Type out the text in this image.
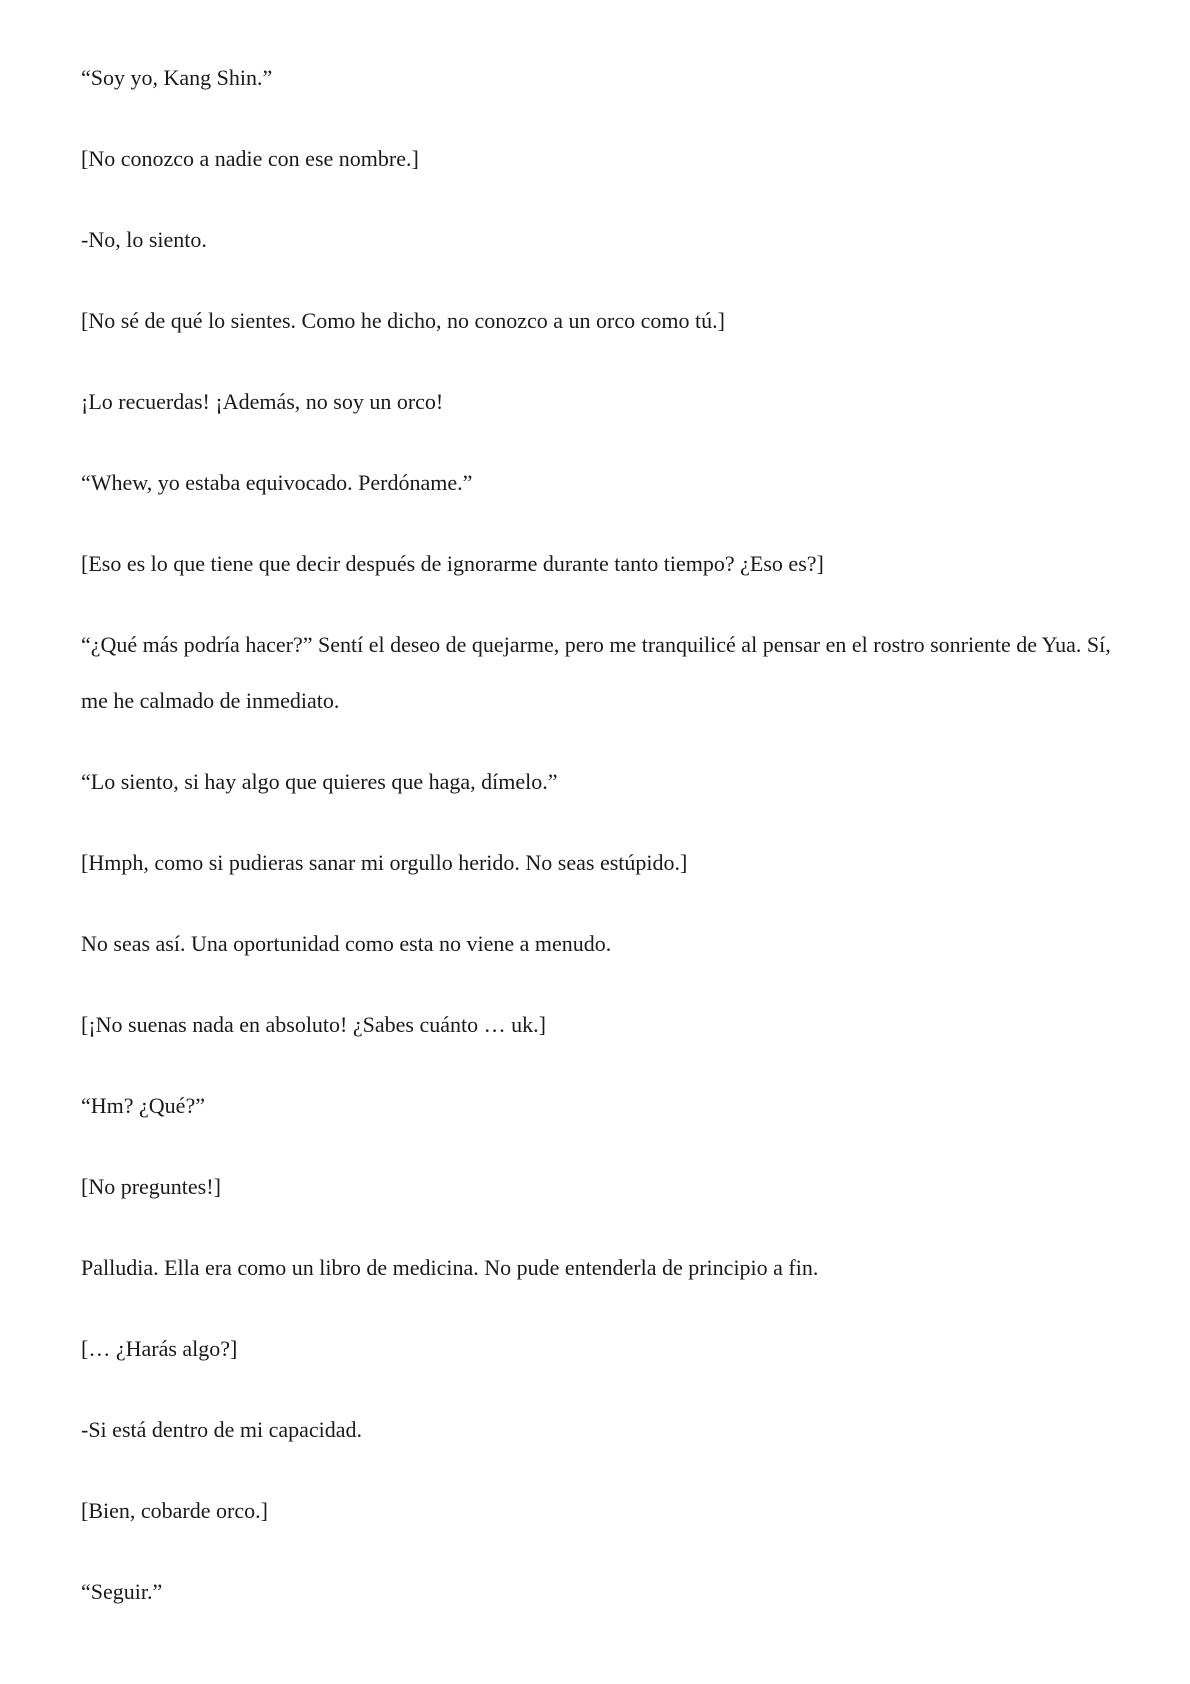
“Soy yo, Kang Shin.”

[No conozco a nadie con ese nombre.]

-No, lo siento.

[No sé de qué lo sientes. Como he dicho, no conozco a un orco como tú.]

¡Lo recuerdas! ¡Además, no soy un orco!

“Whew, yo estaba equivocado. Perdóname.”

[Eso es lo que tiene que decir después de ignorarme durante tanto tiempo? ¿Eso es?]

“¿Qué más podría hacer?” Sentí el deseo de quejarme, pero me tranquilicé al pensar en el rostro sonriente de Yua. Sí, me he calmado de inmediato.

“Lo siento, si hay algo que quieres que haga, dímelo.”

[Hmph, como si pudieras sanar mi orgullo herido. No seas estúpido.]

No seas así. Una oportunidad como esta no viene a menudo.

[¡No suenas nada en absoluto! ¿Sabes cuánto … uk.]

“Hm? ¿Qué?”

[No preguntes!]

Palludia. Ella era como un libro de medicina. No pude entenderla de principio a fin.

[… ¿Harás algo?]

-Si está dentro de mi capacidad.

[Bien, cobarde orco.]

“Seguir.”
